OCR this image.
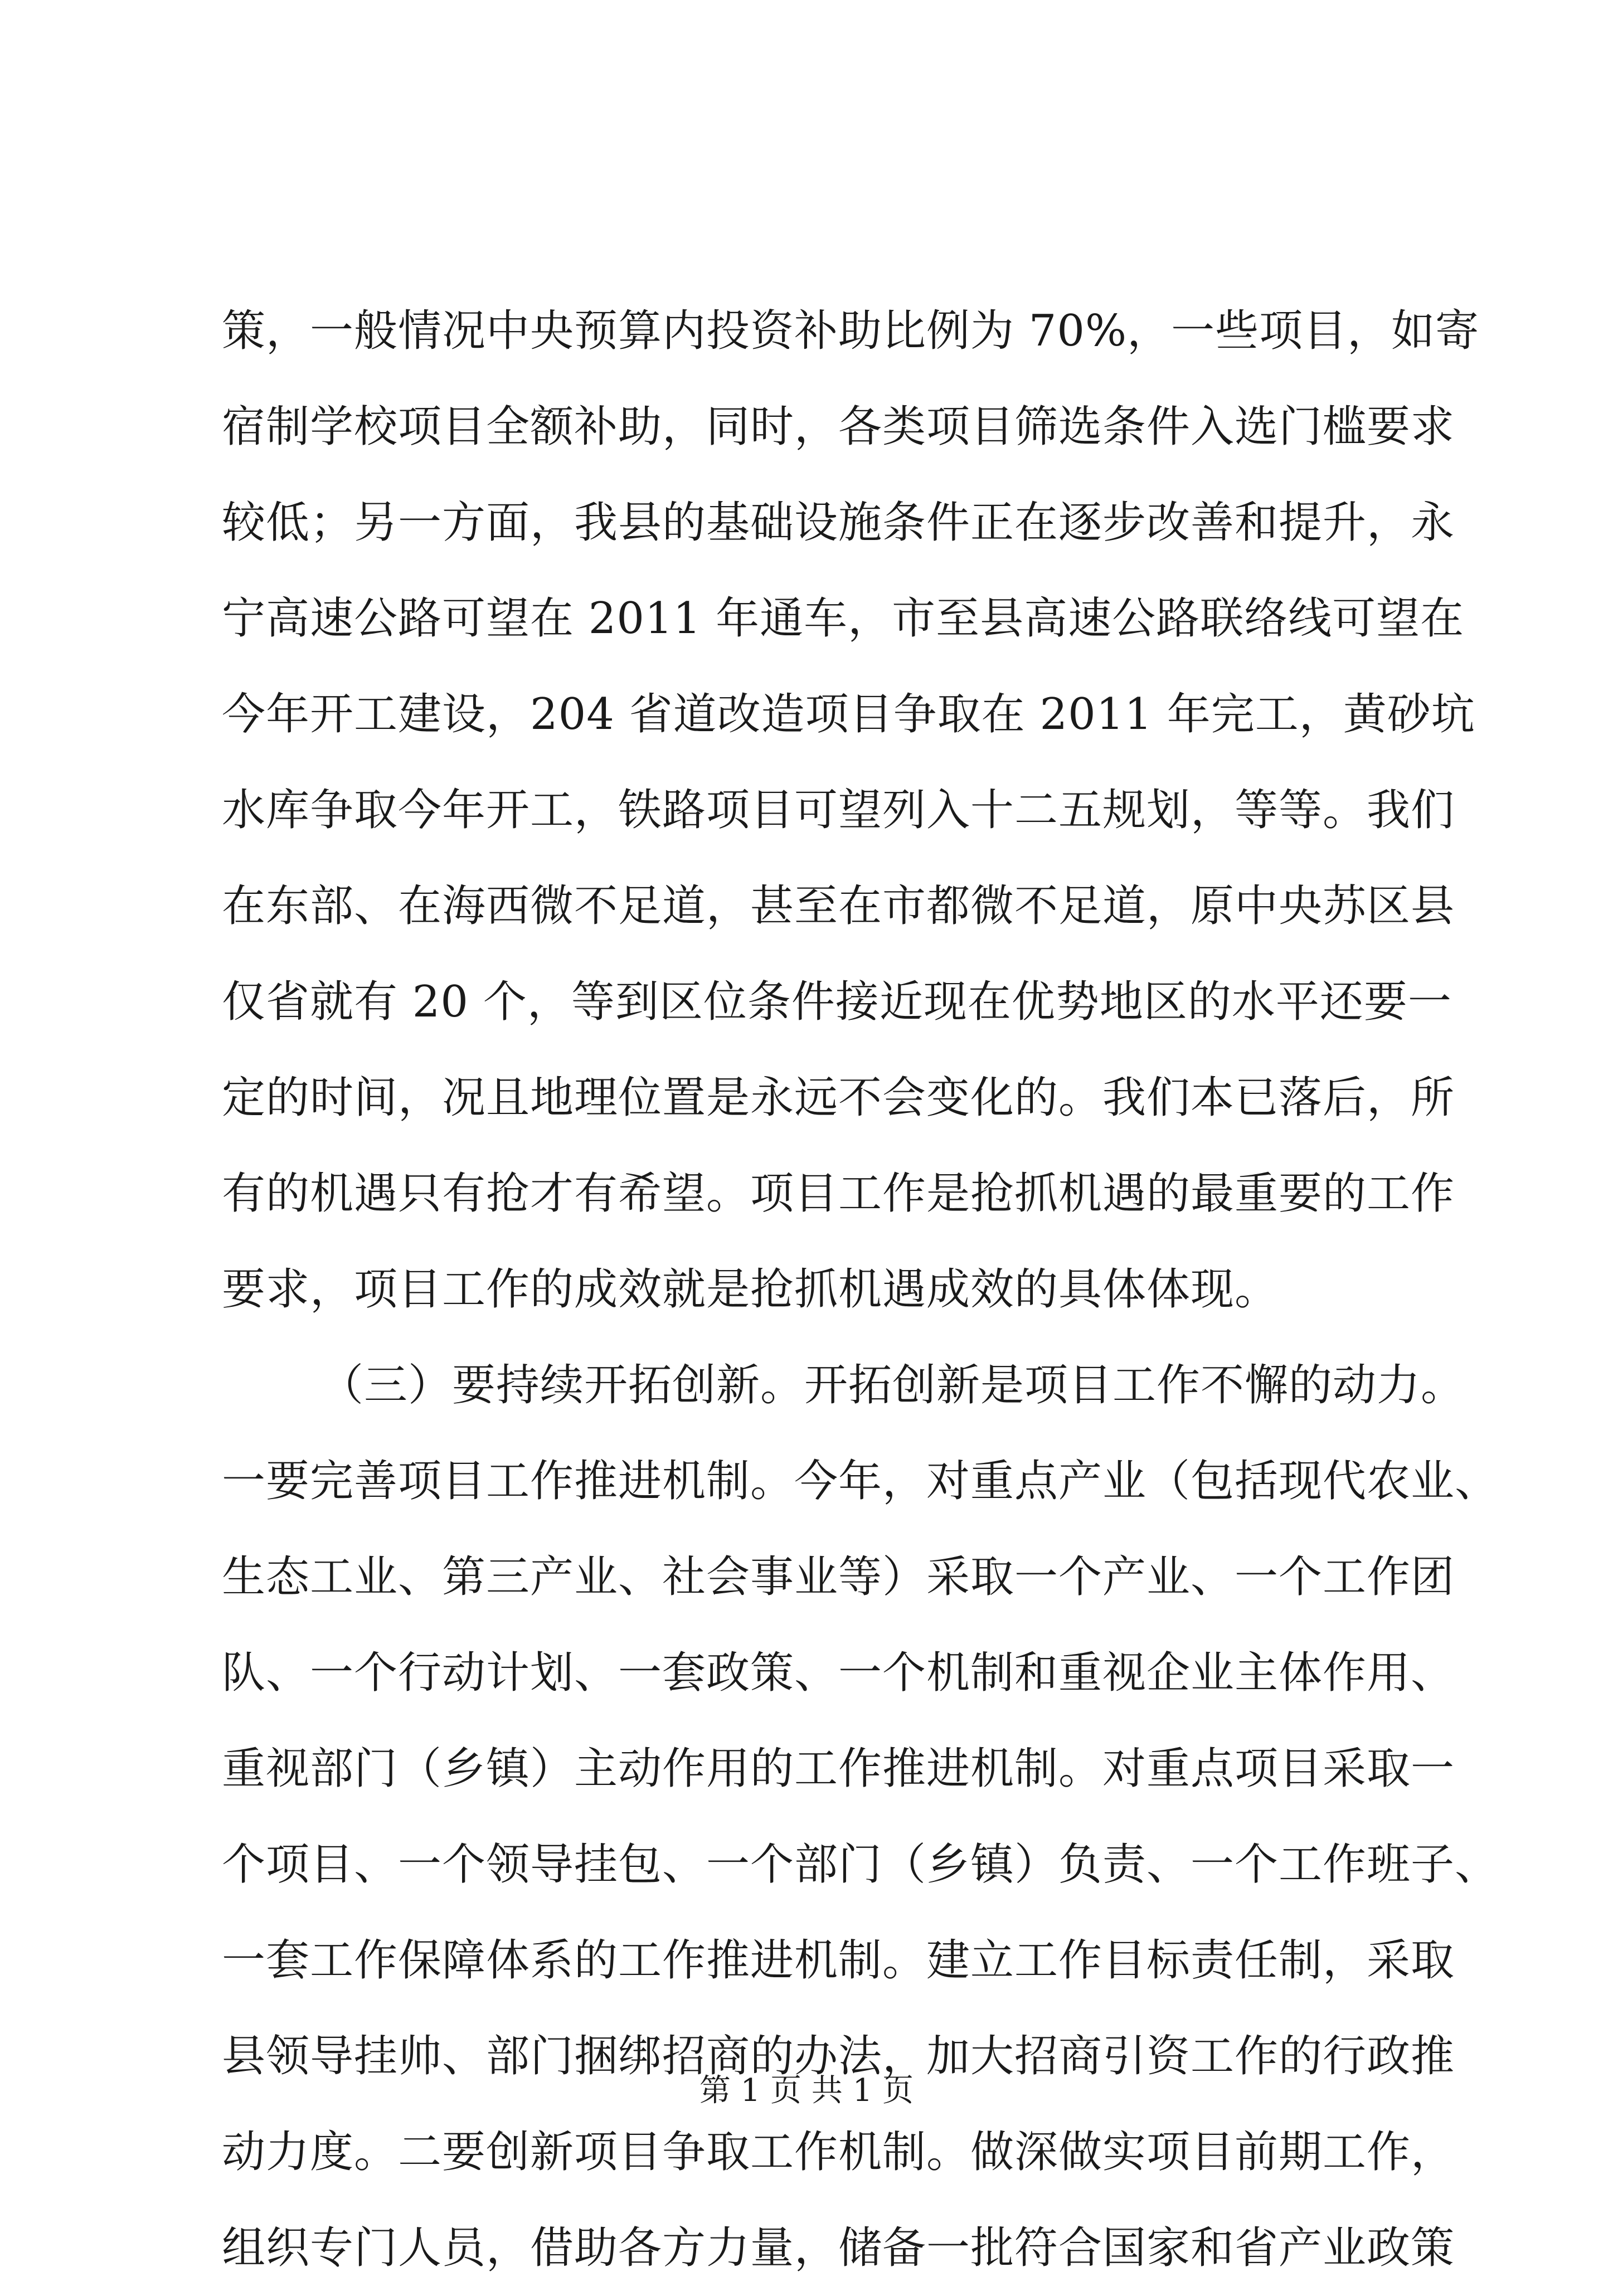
策，一般情况中央预算内投资补助比例为 70%，一些项目，如寄
宿制学校项目全额补助，同时，各类项目筛选条件入选门槛要求
较低；另一方面，我县的基础设施条件正在逐步改善和提升，永
宁高速公路可望在 2011 年通车，市至县高速公路联络线可望在
今年开工建设，204 省道改造项目争取在 2011 年完工，黄砂坑
水库争取今年开工，铁路项目可望列入十二五规划，等等。我们
在东部、在海西微不足道，甚至在市都微不足道，原中央苏区县
仅省就有 20 个，等到区位条件接近现在优势地区的水平还要一
定的时间，况且地理位置是永远不会变化的。我们本已落后，所
有的机遇只有抢才有希望。项目工作是抢抓机遇的最重要的工作
要求，项目工作的成效就是抢抓机遇成效的具体体现。
（三）要持续开拓创新。开拓创新是项目工作不懈的动力。
一要完善项目工作推进机制。今年，对重点产业（包括现代农业、
生态工业、第三产业、社会事业等）采取一个产业、一个工作团
队、一个行动计划、一套政策、一个机制和重视企业主体作用、
重视部门（乡镇）主动作用的工作推进机制。对重点项目采取一
个项目、一个领导挂包、一个部门（乡镇）负责、一个工作班子、
一套工作保障体系的工作推进机制。建立工作目标责任制，采取
县领导挂帅、部门捆绑招商的办法，加大招商引资工作的行政推
动力度。二要创新项目争取工作机制。做深做实项目前期工作，
组织专门人员，借助各方力量，储备一批符合国家和省产业政策
第 1 页 共 1 页
